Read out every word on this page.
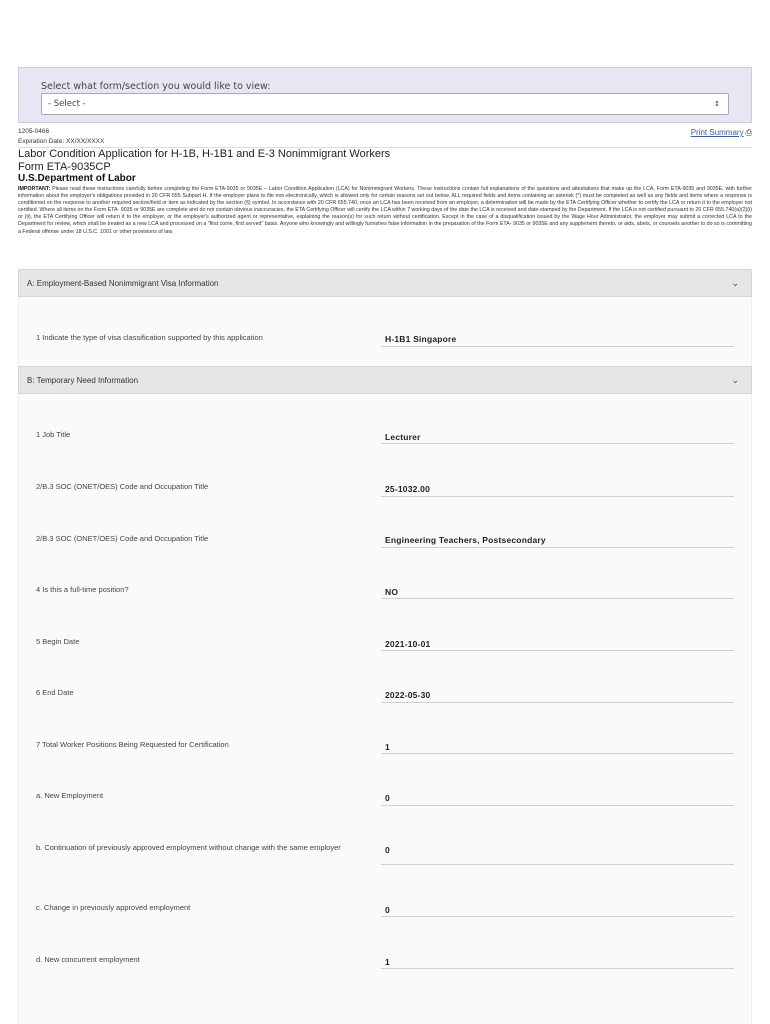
Select what form/section you would like to view:
- Select -	↕
1205-0466
Expiration Date: XX/XX/XXXX
Print Summary ⎙
Labor Condition Application for H-1B, H-1B1 and E-3 Nonimmigrant Workers
Form ETA-9035CP
U.S.Department of Labor
IMPORTANT: Please read these instructions carefully before completing the Form ETA-9035 or 9035E – Labor Condition Application (LCA) for Nonimmigrant Workers. These instructions contain full explanations of the questions and attestations that make up the LCA, Form ETA-9035 and 9035E, with further information about the employer's obligations provided in 20 CFR 655 Subpart H. If the employer plans to file non-electronically, which is allowed only for certain reasons set out below, ALL required fields and items containing an asterisk (*) must be completed as well as any fields and items where a response is conditioned on the response to another required section/field or item as indicated by the section (§) symbol. In accordance with 20 CFR 655.740, once an LCA has been received from an employer, a determination will be made by the ETA Certifying Officer whether to certify the LCA or return it to the employer not certified. Where all items on the Form ETA- 9035 or 9035E are complete and do not contain obvious inaccuracies, the ETA Certifying Officer will certify the LCA within 7 working days of the date the LCA is received and date-stamped by the Department. If the LCA is not certified pursuant to 20 CFR 655.740(a)(2)(i) or (ii), the ETA Certifying Officer will return it to the employer, or the employer's authorized agent or representative, explaining the reason(s) for such return without certification. Except in the case of a disqualification issued by the Wage Hour Administrator, the employer may submit a corrected LCA to the Department for review, which shall be treated as a new LCA and processed on a "first come, first served" basis. Anyone who knowingly and willingly furnishes false information in the preparation of the Form ETA- 9035 or 9035E and any supplement thereto, or aids, abets, or counsels another to do so is committing a Federal offense under 18 U.S.C. 1001 or other provisions of law.
A: Employment-Based Nonimmigrant Visa Information	⌄
1 Indicate the type of visa classification supported by this application	H-1B1 Singapore
B: Temporary Need Information	⌄
1 Job Title	Lecturer
2/B.3 SOC (ONET/OES) Code and Occupation Title	25-1032.00
2/B.3 SOC (ONET/OES) Code and Occupation Title	Engineering Teachers, Postsecondary
4 Is this a full-time position?	NO
5 Begin Date	2021-10-01
6 End Date	2022-05-30
7 Total Worker Positions Being Requested for Certification	1
a. New Employment	0
b. Continuation of previously approved employment without change with the same employer	0
c. Change in previously approved employment	0
d. New concurrent employment	1
